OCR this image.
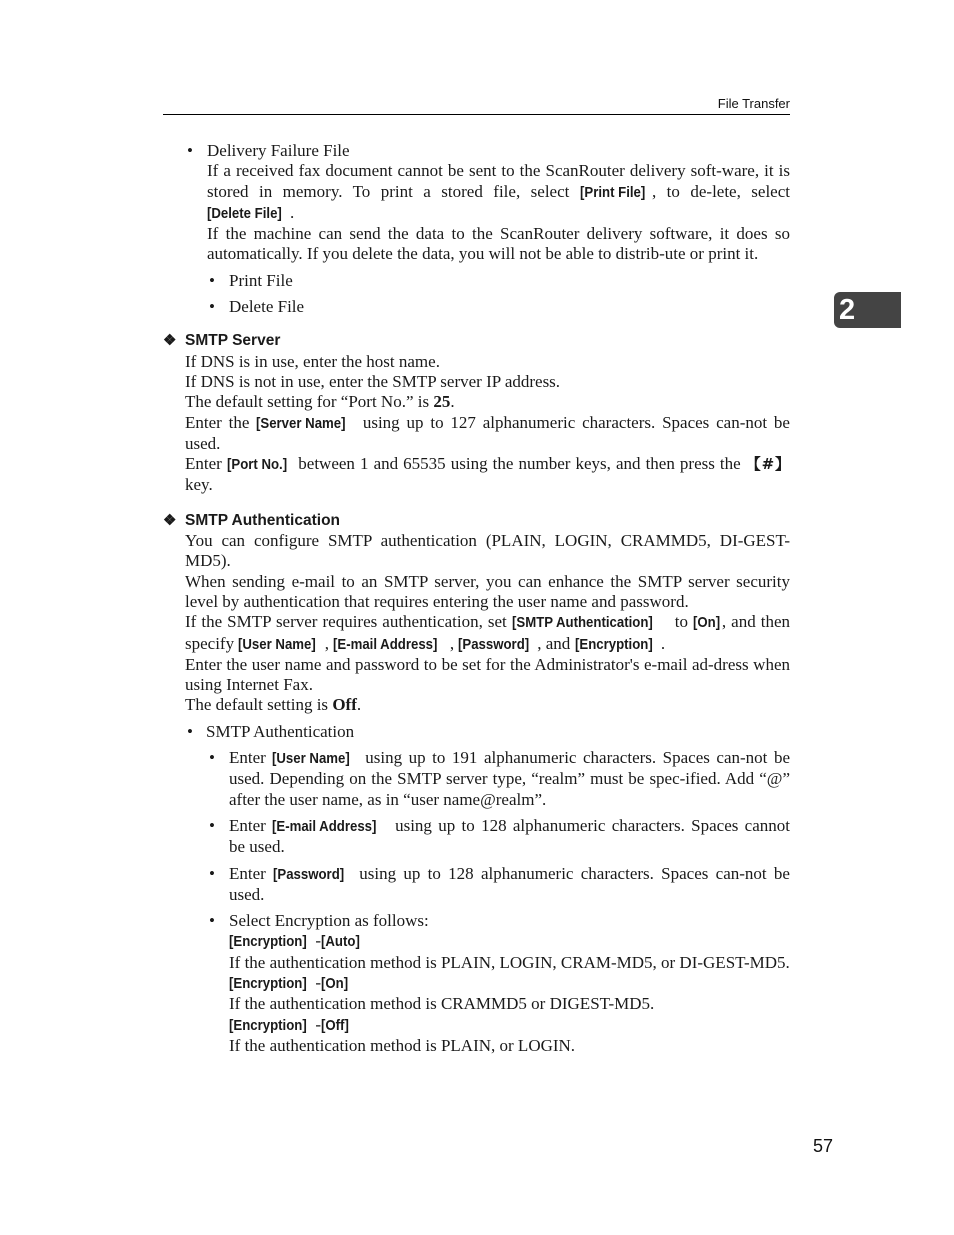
File Transfer
2
• Delivery Failure File
If a received fax document cannot be sent to the ScanRouter delivery soft-ware, it is stored in memory. To print a stored file, select [Print File] , to de-lete, select [Delete File] .
If the machine can send the data to the ScanRouter delivery software, it does so automatically. If you delete the data, you will not be able to distrib-ute or print it.
• Print File
• Delete File
❖ SMTP Server
If DNS is in use, enter the host name.
If DNS is not in use, enter the SMTP server IP address.
The default setting for “Port No.” is 25.
Enter the [Server Name] using up to 127 alphanumeric characters. Spaces can-not be used.
Enter [Port No.] between 1 and 65535 using the number keys, and then press the 【#】 key.
❖ SMTP Authentication
You can configure SMTP authentication (PLAIN, LOGIN, CRAMMD5, DI-GEST-MD5).
When sending e-mail to an SMTP server, you can enhance the SMTP server security level by authentication that requires entering the user name and password.
If the SMTP server requires authentication, set [SMTP Authentication] to [On], and then specify [User Name] , [E-mail Address] , [Password] , and [Encryption] .
Enter the user name and password to be set for the Administrator's e-mail ad-dress when using Internet Fax.
The default setting is Off.
• SMTP Authentication
• Enter [User Name] using up to 191 alphanumeric characters. Spaces can-not be used. Depending on the SMTP server type, “realm” must be spec-ified. Add “@” after the user name, as in “user name@realm”.
• Enter [E-mail Address] using up to 128 alphanumeric characters. Spaces cannot be used.
• Enter [Password] using up to 128 alphanumeric characters. Spaces can-not be used.
• Select Encryption as follows:
[Encryption] -[Auto]
If the authentication method is PLAIN, LOGIN, CRAM-MD5, or DI-GEST-MD5.
[Encryption] -[On]
If the authentication method is CRAMMD5 or DIGEST-MD5.
[Encryption] -[Off]
If the authentication method is PLAIN, or LOGIN.
57
